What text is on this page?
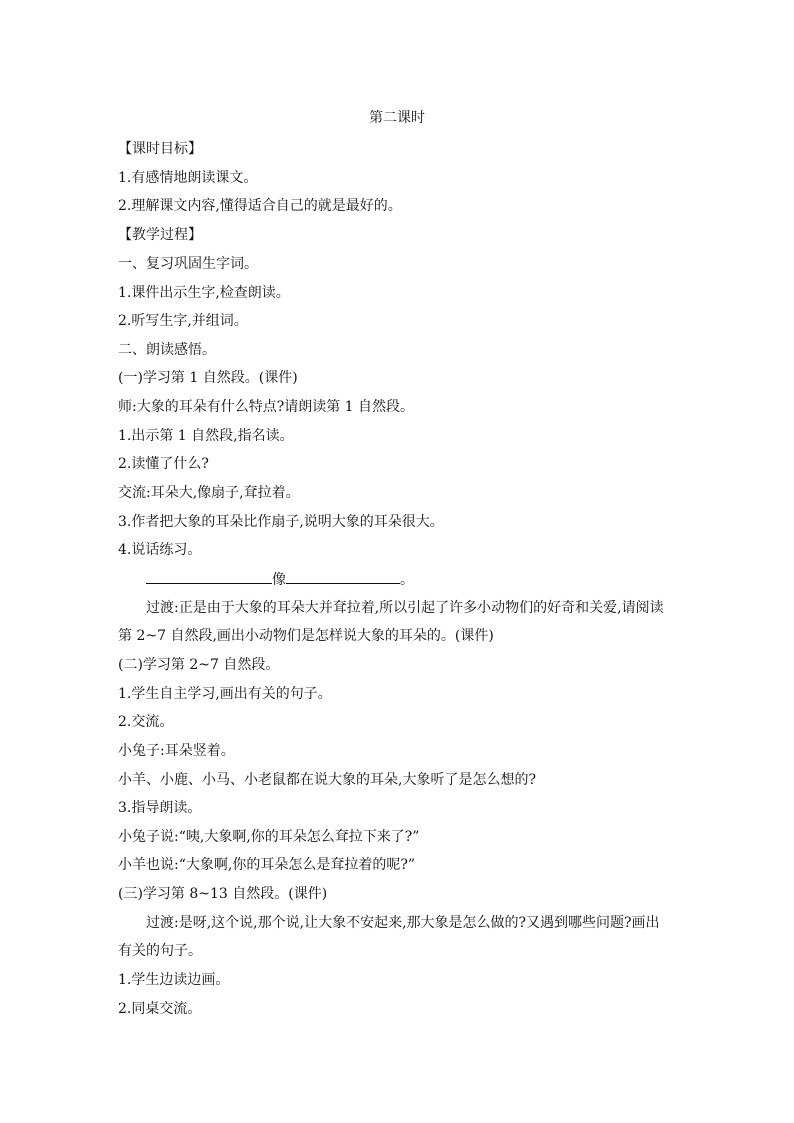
第二课时
【课时目标】
1.有感情地朗读课文。
2.理解课文内容,懂得适合自己的就是最好的。
【教学过程】
一、复习巩固生字词。
1.课件出示生字,检查朗读。
2.听写生字,并组词。
二、朗读感悟。
(一)学习第 1 自然段。(课件)
师:大象的耳朵有什么特点?请朗读第 1 自然段。
1.出示第 1 自然段,指名读。
2.读懂了什么?
交流:耳朵大,像扇子,耷拉着。
3.作者把大象的耳朵比作扇子,说明大象的耳朵很大。
4.说话练习。
像	。
过渡:正是由于大象的耳朵大并耷拉着,所以引起了许多小动物们的好奇和关爱,请阅读
第 2~7 自然段,画出小动物们是怎样说大象的耳朵的。(课件)
(二)学习第 2~7 自然段。
1.学生自主学习,画出有关的句子。
2.交流。
小兔子:耳朵竖着。
小羊、小鹿、小马、小老鼠都在说大象的耳朵,大象听了是怎么想的?
3.指导朗读。
小兔子说:“咦,大象啊,你的耳朵怎么耷拉下来了?”
小羊也说:“大象啊,你的耳朵怎么是耷拉着的呢?”
(三)学习第 8~13 自然段。(课件)
过渡:是呀,这个说,那个说,让大象不安起来,那大象是怎么做的?又遇到哪些问题?画出
有关的句子。
1.学生边读边画。
2.同桌交流。
